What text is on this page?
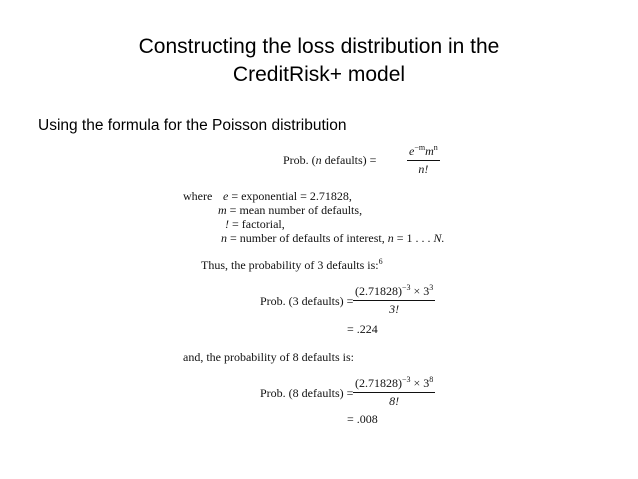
Constructing the loss distribution in the
CreditRisk+ model
Using the formula for the Poisson distribution
Prob. (n defaults) =
$e^{-m}m^n$
n!
where e = exponential = 2.71828,
m = mean number of defaults,
! = factorial,
n = number of defaults of interest, n = 1 . . . N.
Thus, the probability of 3 defaults is:$^6$
Prob. (3 defaults) =
$(2.71828)^{-3} \times 3^3$
3!
= .224
and, the probability of 8 defaults is:
Prob. (8 defaults) =
$(2.71828)^{-3} \times 3^8$
8!
= .008
